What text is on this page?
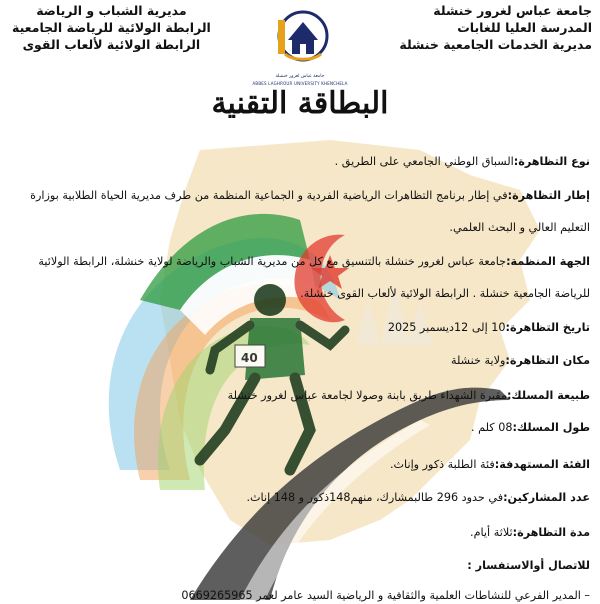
40
جامعة عباس لغرور خنشلة
المدرسة العليا للغابات
مديرية الخدمات الجامعية خنشلة
مديرية الشباب و الرياضة
الرابطة الولائية للرياضة الجامعية
الرابطة الولائية لألعاب القوى
جامعة عباس لغرور خنشلة
ABBES LAGHROUR UNIVERSITY KHENCHELA
البطاقة التقنية
نوع التظاهرة:السباق الوطني الجامعي على الطريق .
إطار التظاهرة:في إطار برنامج التظاهرات الرياضية الفردية و الجماعية المنظمة من طرف مديرية الحياة الطلابية بوزارة التعليم العالي و البحث العلمي.
الجهة المنظمة:جامعة عباس لغرور خنشلة بالتنسيق مع كل من مديرية الشباب والرياضة لولاية خنشلة، الرابطة الولائية للرياضة الجامعية خنشلة . الرابطة الولائية لألعاب القوى خنشلة.
تاريخ التظاهرة:10 إلى 12ديسمبر 2025
مكان التظاهرة:ولاية خنشلة
طبيعة المسلك:مقبرة الشهداء طريق بابنة وصولا لجامعة عباس لغرور خنشلة
طول المسلك:08 كلم .
الفئة المستهدفة:فئة الطلبة ذكور وإناث.
عدد المشاركين:في حدود 296 طالبمشارك، منهم148ذكور و 148 إناث.
مدة التظاهرة:ثلاثة أيام.
للاتصال أوالاستفسار :
– المدير الفرعي للنشاطات العلمية والثقافية و الرياضية السيد عامر لعمر 0669265965
